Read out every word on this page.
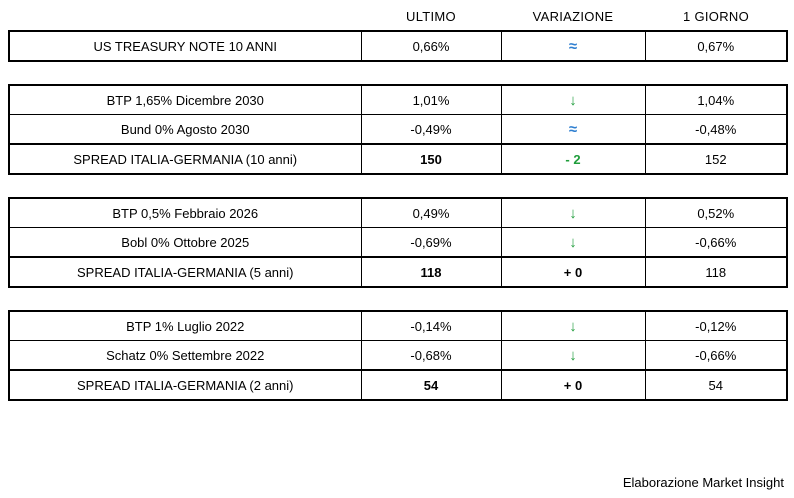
	ULTIMO	VARIAZIONE	1 GIORNO
US TREASURY NOTE 10 ANNI	0,66%	≈	0,67%

BTP 1,65% Dicembre 2030	1,01%	↓	1,04%
Bund 0% Agosto 2030	-0,49%	≈	-0,48%
SPREAD ITALIA-GERMANIA (10 anni)	150	- 2	152

BTP 0,5% Febbraio 2026	0,49%	↓	0,52%
Bobl 0% Ottobre 2025	-0,69%	↓	-0,66%
SPREAD ITALIA-GERMANIA (5 anni)	118	+ 0	118

BTP 1% Luglio 2022	-0,14%	↓	-0,12%
Schatz 0% Settembre 2022	-0,68%	↓	-0,66%
SPREAD ITALIA-GERMANIA (2 anni)	54	+ 0	54
Elaborazione Market Insight
